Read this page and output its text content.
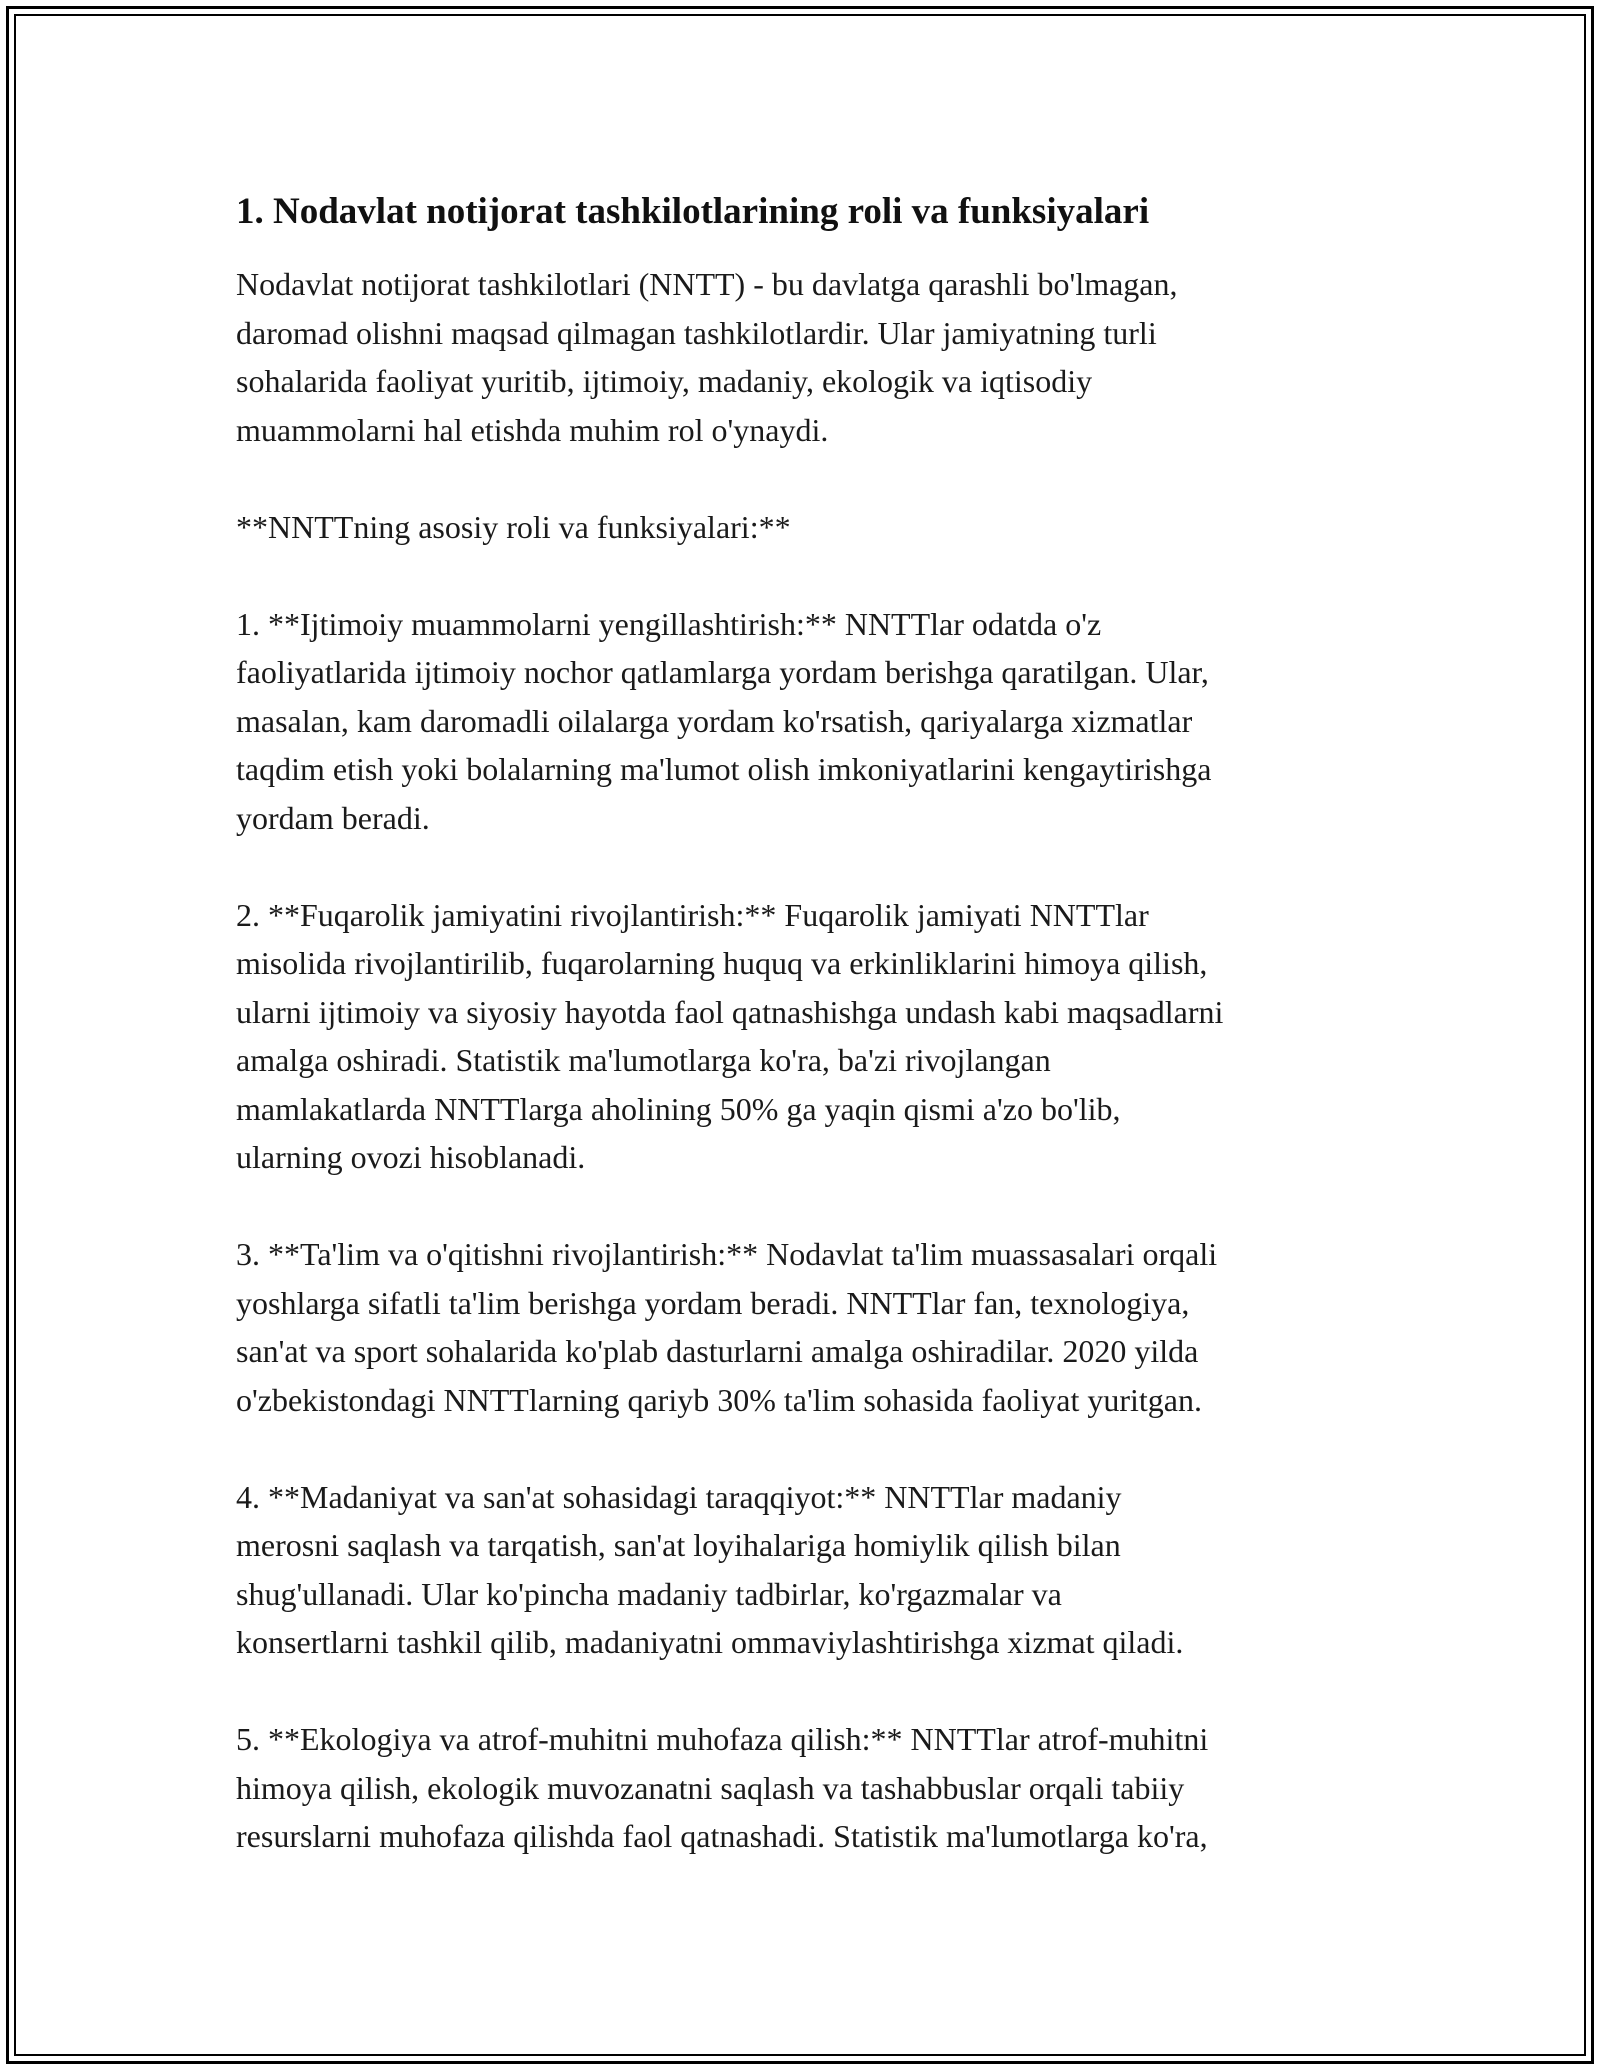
1. Nodavlat notijorat tashkilotlarining roli va funksiyalari

Nodavlat notijorat tashkilotlari (NNTT) - bu davlatga qarashli bo'lmagan,
daromad olishni maqsad qilmagan tashkilotlardir. Ular jamiyatning turli
sohalarida faoliyat yuritib, ijtimoiy, madaniy, ekologik va iqtisodiy
muammolarni hal etishda muhim rol o'ynaydi.

**NNTTning asosiy roli va funksiyalari:**

1. **Ijtimoiy muammolarni yengillashtirish:** NNTTlar odatda o'z
faoliyatlarida ijtimoiy nochor qatlamlarga yordam berishga qaratilgan. Ular,
masalan, kam daromadli oilalarga yordam ko'rsatish, qariyalarga xizmatlar
taqdim etish yoki bolalarning ma'lumot olish imkoniyatlarini kengaytirishga
yordam beradi.

2. **Fuqarolik jamiyatini rivojlantirish:** Fuqarolik jamiyati NNTTlar
misolida rivojlantirilib, fuqarolarning huquq va erkinliklarini himoya qilish,
ularni ijtimoiy va siyosiy hayotda faol qatnashishga undash kabi maqsadlarni
amalga oshiradi. Statistik ma'lumotlarga ko'ra, ba'zi rivojlangan
mamlakatlarda NNTTlarga aholining 50% ga yaqin qismi a'zo bo'lib,
ularning ovozi hisoblanadi.

3. **Ta'lim va o'qitishni rivojlantirish:** Nodavlat ta'lim muassasalari orqali
yoshlarga sifatli ta'lim berishga yordam beradi. NNTTlar fan, texnologiya,
san'at va sport sohalarida ko'plab dasturlarni amalga oshiradilar. 2020 yilda
o'zbekistondagi NNTTlarning qariyb 30% ta'lim sohasida faoliyat yuritgan.

4. **Madaniyat va san'at sohasidagi taraqqiyot:** NNTTlar madaniy
merosni saqlash va tarqatish, san'at loyihalariga homiylik qilish bilan
shug'ullanadi. Ular ko'pincha madaniy tadbirlar, ko'rgazmalar va
konsertlarni tashkil qilib, madaniyatni ommaviylashtirishga xizmat qiladi.

5. **Ekologiya va atrof-muhitni muhofaza qilish:** NNTTlar atrof-muhitni
himoya qilish, ekologik muvozanatni saqlash va tashabbuslar orqali tabiiy
resurslarni muhofaza qilishda faol qatnashadi. Statistik ma'lumotlarga ko'ra,
